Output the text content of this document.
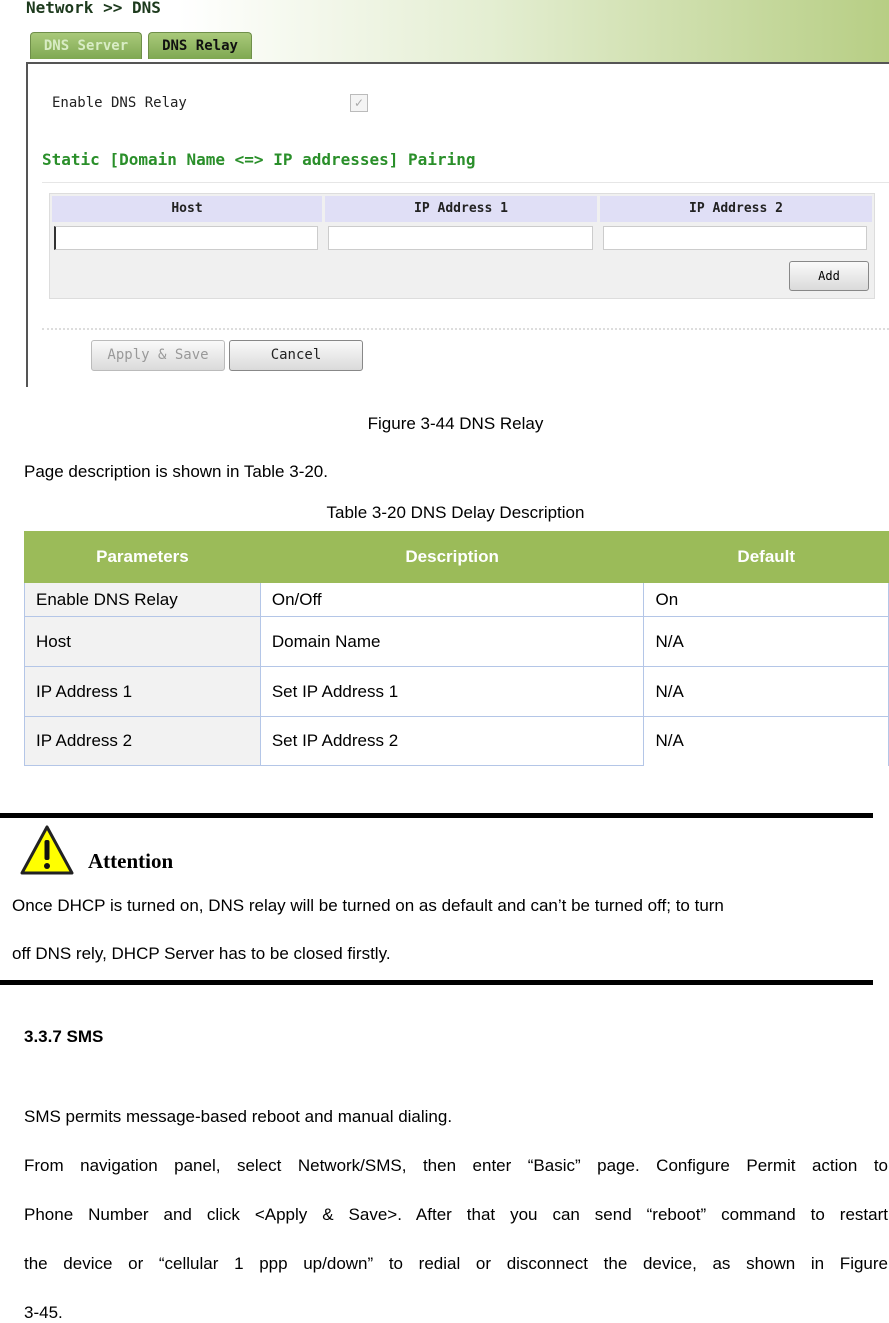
Network >> DNS
DNS Server	DNS Relay
Enable DNS Relay	✓
Static [Domain Name <=> IP addresses] Pairing
Host	IP Address 1	IP Address 2
Add
Apply & Save	Cancel
Figure 3-44 DNS Relay
Page description is shown in Table 3-20.
Table 3-20 DNS Delay Description
Parameters	Description	Default
Enable DNS Relay	On/Off	On
Host	Domain Name	N/A
IP Address 1	Set IP Address 1	N/A
IP Address 2	Set IP Address 2	N/A
Attention
Once DHCP is turned on, DNS relay will be turned on as default and can’t be turned off; to turn
off DNS rely, DHCP Server has to be closed firstly.
3.3.7 SMS

SMS permits message-based reboot and manual dialing.

From navigation panel, select Network/SMS, then enter “Basic” page. Configure Permit action to

Phone Number and click <Apply & Save>. After that you can send “reboot” command to restart

the device or “cellular 1 ppp up/down” to redial or disconnect the device, as shown in Figure

3-45.
